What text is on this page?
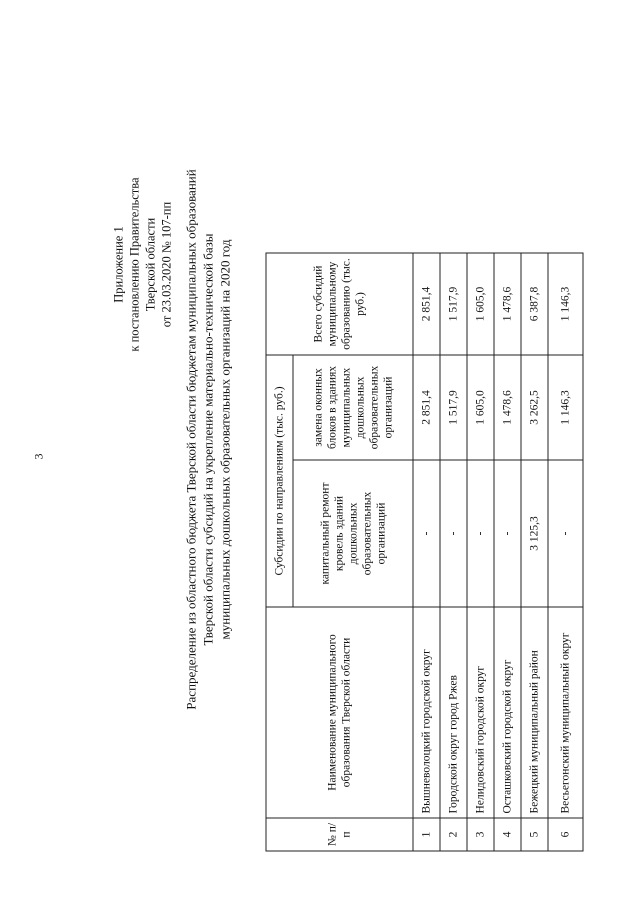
3
Приложение 1 к постановлению Правительства Тверской области от 23.03.2020 № 107-пп Распределение из областного бюджета Тверской области бюджетам муниципальных образований Тверской области субсидий на укрепление материально-технической базы муниципальных дошкольных образовательных организаций на 2020 год
№ п/п	Наименование муниципального образования Тверской области	Субсидии по направлениям (тыс. руб.)		Всего субсидий муниципальному образованию (тыс. руб.)
		капитальный ремонт кровель зданий дошкольных образовательных организаций	замена оконных блоков в зданиях муниципальных дошкольных образовательных организаций	
1	Вышневолоцкий городской округ	-	2 851,4	2 851,4
2	Городской округ город Ржев	-	1 517,9	1 517,9
3	Нелидовский городской округ	-	1 605,0	1 605,0
4	Осташковский городской округ	-	1 478,6	1 478,6
5	Бежецкий муниципальный район	3 125,3	3 262,5	6 387,8
6	Весьегонский муниципальный округ	-	1 146,3	1 146,3
